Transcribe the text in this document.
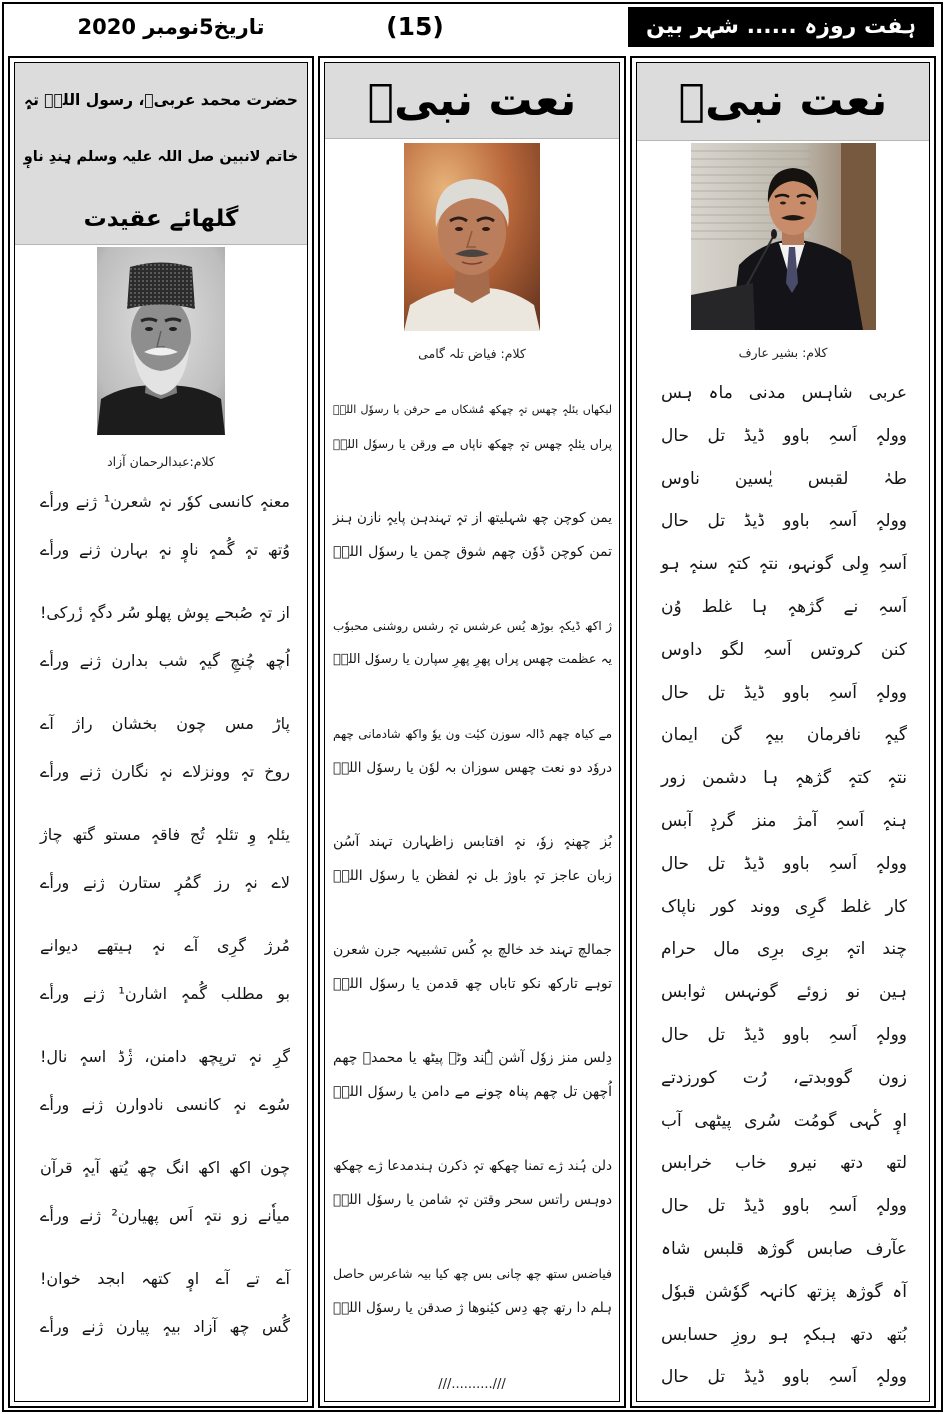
ہفت روزہ ...... شہر بین
(15)
تاریخ5نومبر 2020
نعت نبیؐ
کلام: بشیر عارف
عربی شاہس مدنی ماہ ہس
وولہٕ اَسہِ باوو ڈیڈ تل حال
طہٰ لقبس یٰسین ناوس
وولہٕ اَسہِ باوو ڈیڈ تل حال
اَسہِ وِلی گونہو، نتہٕ کتہٕ سنہٕ ہو
اَسہِ نے گژھہٕ ہا غلط وُن
کنن کروتس اَسہِ لگو داوس
وولہٕ اَسہِ باوو ڈیڈ تل حال
گیہٕ نافرمان بیہٕ گن ایمان
نتہٕ کتہٕ گژھہٕ ہا دشمن زور
ہنہٕ اَسہِ آمژ منز گردٕ آبس
وولہٕ اَسہِ باوو ڈیڈ تل حال
کار غلط گرِی ووند کور ناپاک
چند اتہٕ برِی برِی مال حرام
ہین نو زوئے گونہس ثوابس
وولہٕ اَسہِ باوو ڈیڈ تل حال
زون گووبدتے، رُت کورزدتے
اوٕ کٔہی گومُت سُری پیٹھی آب
لتھ دتھ نیرو خاب خرابس
وولہٕ اَسہِ باوو ڈیڈ تل حال
عآرف صابس گوژھ قلبس شاہ
آہ گوژھ پزتھ کانہہ گوٗشن قبوٗل
بُتھ دتھ ہبکہٕ ہو روزِ حسابس
وولہٕ اَسہِ باوو ڈیڈ تل حال
نعت نبیؐ
کلام: فیاض تلہ گامی
لیکھاں یئلہٕ چھس تہٕ چھکھ مُشکاں مے حرفن یا رسوٗل اللہؐ
پراں یئلہٕ چھس تہٕ چھکھ ناپاں مے ورقن یا رسوٗل اللہؐ
یمن کوچن چھ شہلیتھ از تہٕ تہندہن پایہٕ نازن ہنز
تمن کوچن ڈوٗن چھم شوق چمن یا رسوٗل اللہؐ
ژ اکھ ڈیکہٕ بوڑھ یُس عرشس تہٕ رشس روشنی محبوٗب
یہ عظمت چھس پراں پھرِ پھرِ سپارن یا رسوٗل اللہؐ
مے کیاہ چھم ڈالہ سوزن کیٔت ون یوٗ واکھ شادمانی چھم
دروٗد دو نعت چھس سوزان بہ لوٗن یا رسوٗل اللہؐ
بُز چھنہٕ زوٗ، نہٕ افتابس زاظہارن تہند آسُن
زبان عاجز تہٕ باوژ بل نہٕ لفظن یا رسوٗل اللہؐ
جمالچ تہند خد خالچ بہٕ کُس تشبیہہ جرن شعرن
توہے تارکھ نکو تاباں چھ قدمن یا رسوٗل اللہؐ
دِلس منز زوٗل آشن ہُند وٹہ پیٹھ یا محمدؐ چھم
اُچھن تل چھم پناہ چونے مے دامن یا رسوٗل اللہؐ
دلن ہُند ژے تمنا چھکھ تہٕ ذکرن ہندمدعا ژے چھکھ
دوہس راتس سحر وقتن تہٕ شامن یا رسوٗل اللہؐ
فیاضس ستھ چھ چانی بس چھ کیا بیہ شاعرس حاصل
ہلم دا رتھ چھ دِس کیٔنوھا ژ صدقن یا رسوٗل اللہؐ
///..........///
حضرت محمد عربیؐ، رسول اللہؐ تہٕ
خاتم لانبین صل اللہ علیہ وسلم ہِندِ ناوٕ
گلھائے عقیدت
کلام:عبدالرحمان آزاد
معنہٕ کانسی کوٗر نہٕ شعرن¹ ژنے ورأے
وُتھ تہٕ گُمہٕ ناوٕ نہٕ بہارن ژنے ورأے
از تہٕ صُبحے پوش پھلو سُر دگہٕ زٔرکی!
اُچھ چُنچِ گیہٕ شب بدارن ژنے ورأے
پاڑ مس چون بخشان راژ آے
روخ تہٕ وونزلاے نہٕ نگارن ژنے ورأے
یئلہٕ وِ تئلہٕ تُج فاقہٕ مستو گتھ چاژ
لاے نہٕ رز گمُرٕ ستارن ژنے ورأے
مُرژ گرِی آے نہٕ ہیتھے دیوانے
بو مطلب گُمہٕ اشارن¹ ژنے ورأے
گرِ نہٕ ترپچھ دامنن، ژٔڈ اسہٕ نال!
سُوے نہٕ کانسی نادوارن ژنے ورأے
چون اکھ اکھ انگ چھ یُتھ آیہٕ قرآن
میاٗنے زو نتہٕ اَس پھیارن² ژنے ورأے
آے تے آے اوٕ کتھہ ابجد خوان!
گُس چھ آزاد بیہٕ پیارن ژنے ورأے
